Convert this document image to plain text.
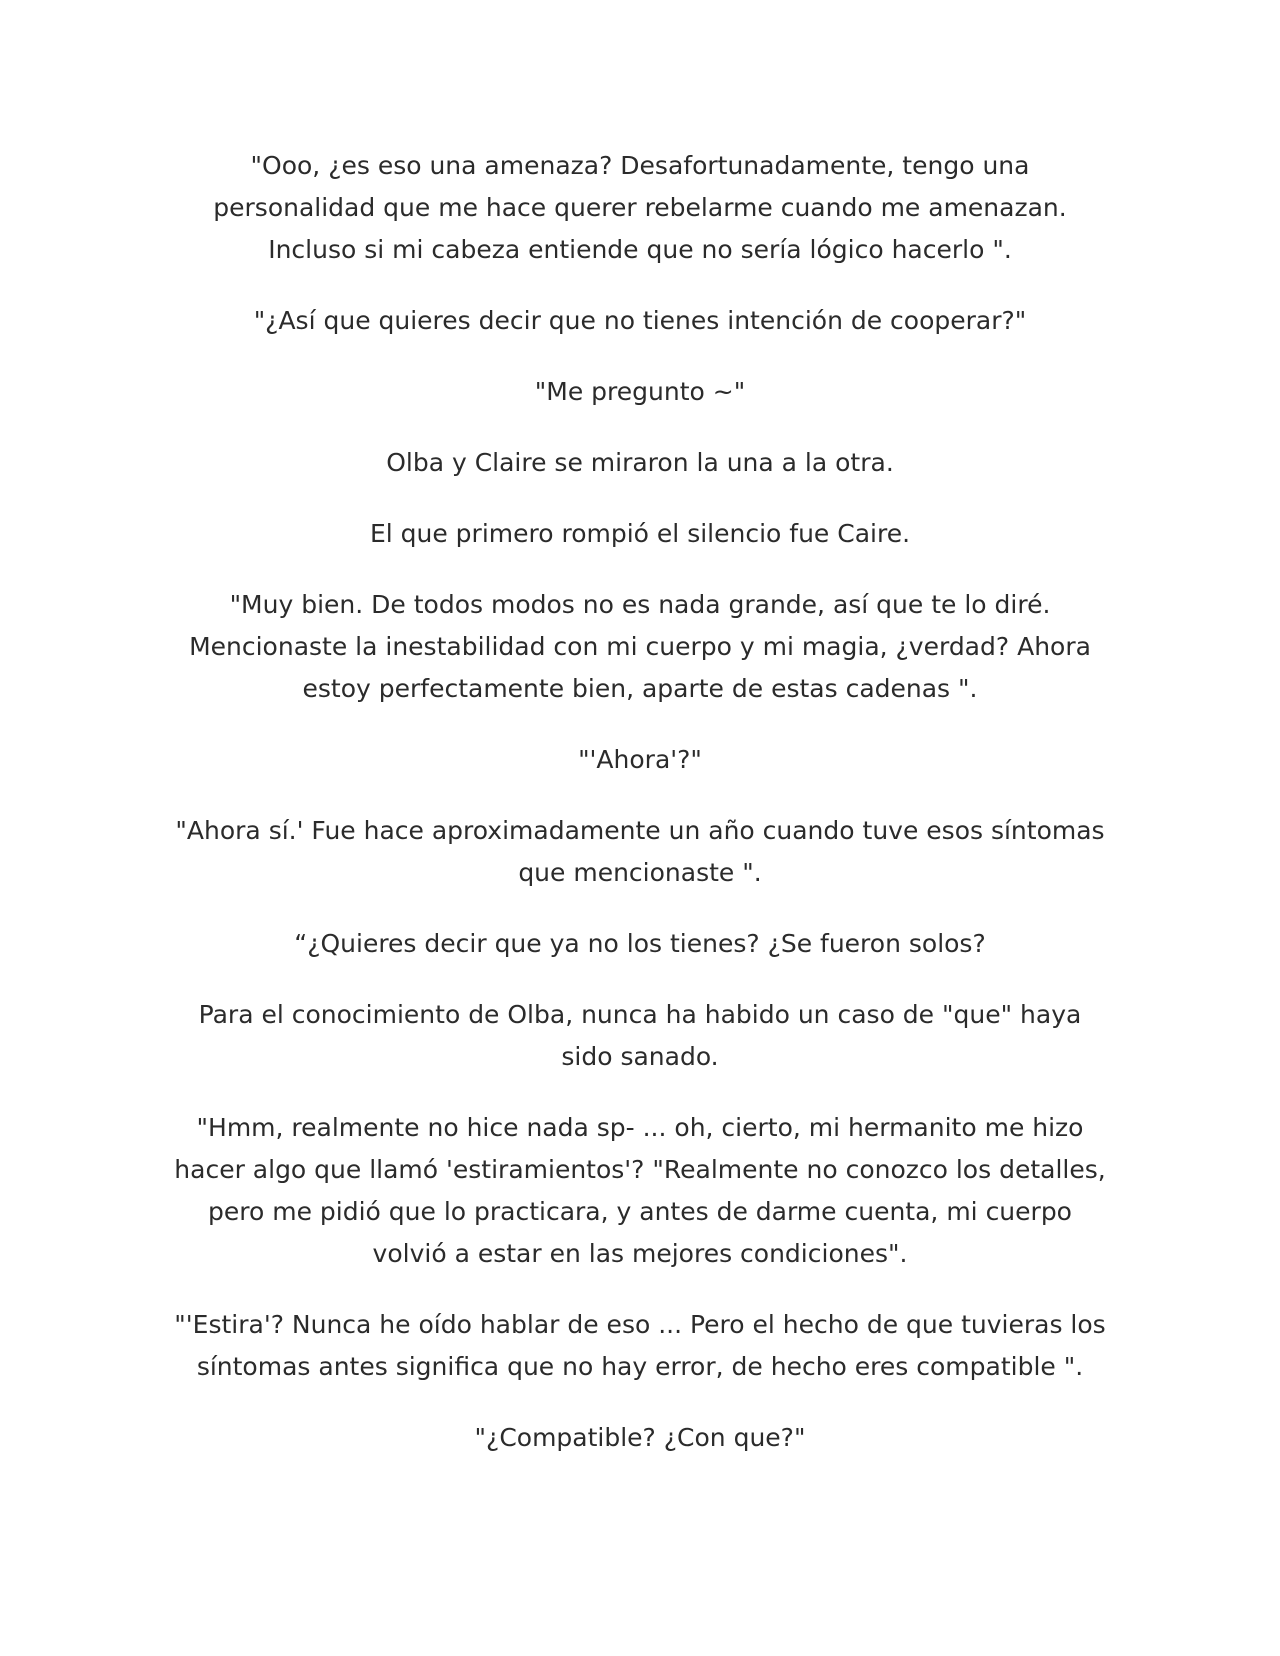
"Ooo, ¿es eso una amenaza? Desafortunadamente, tengo una personalidad que me hace querer rebelarme cuando me amenazan. Incluso si mi cabeza entiende que no sería lógico hacerlo ".

"¿Así que quieres decir que no tienes intención de cooperar?"

"Me pregunto ~"

Olba y Claire se miraron la una a la otra.

El que primero rompió el silencio fue Caire.

"Muy bien. De todos modos no es nada grande, así que te lo diré. Mencionaste la inestabilidad con mi cuerpo y mi magia, ¿verdad? Ahora estoy perfectamente bien, aparte de estas cadenas ".

"'Ahora'?"

"Ahora sí.' Fue hace aproximadamente un año cuando tuve esos síntomas que mencionaste ".

“¿Quieres decir que ya no los tienes? ¿Se fueron solos?

Para el conocimiento de Olba, nunca ha habido un caso de "que" haya sido sanado.

"Hmm, realmente no hice nada sp- ... oh, cierto, mi hermanito me hizo hacer algo que llamó 'estiramientos'? "Realmente no conozco los detalles, pero me pidió que lo practicara, y antes de darme cuenta, mi cuerpo volvió a estar en las mejores condiciones".

"'Estira'? Nunca he oído hablar de eso ... Pero el hecho de que tuvieras los síntomas antes significa que no hay error, de hecho eres compatible ".

"¿Compatible? ¿Con que?"
